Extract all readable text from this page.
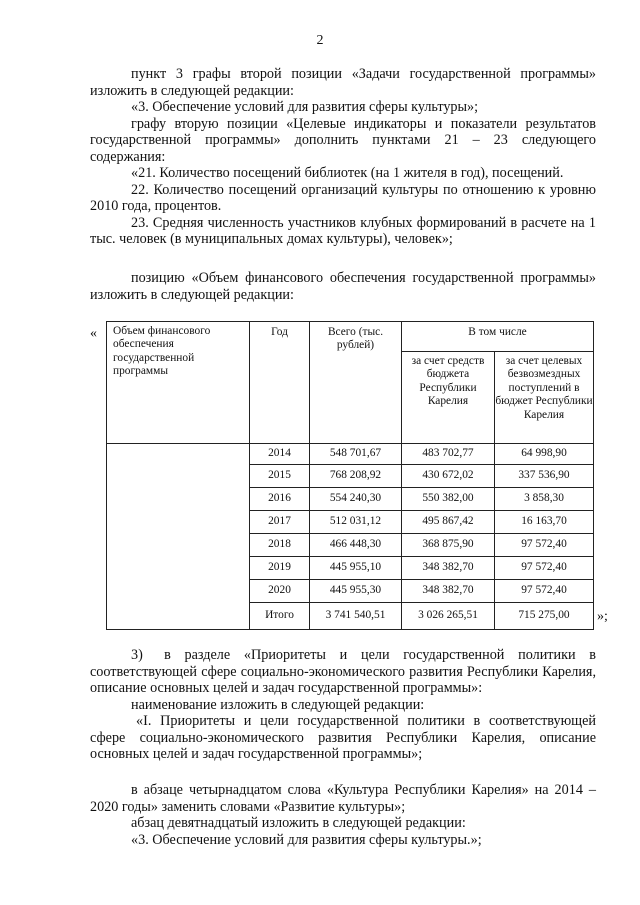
2

пункт 3 графы второй позиции «Задачи государственной программы» изложить в следующей редакции:

«3. Обеспечение условий для развития сферы культуры»;

графу вторую позиции «Целевые индикаторы и показатели результатов государственной программы» дополнить пунктами 21 – 23 следующего содержания:

«21. Количество посещений библиотек (на 1 жителя в год), посещений.

22. Количество посещений организаций культуры по отношению к уровню 2010 года, процентов.

23. Средняя численность участников клубных формирований в расчете на 1 тыс. человек (в муниципальных домах культуры), человек»;

позицию «Объем финансового обеспечения государственной программы» изложить в следующей редакции:

« Объем финансового обеспечения государственной программы	Год	Всего (тыс. рублей)	В том числе	
			за счет средств бюджета Республики Карелия	за счет целевых безвозмездных поступлений в бюджет Республики Карелия
	2014	548 701,67	483 702,77	64 998,90
	2015	768 208,92	430 672,02	337 536,90
	2016	554 240,30	550 382,00	3 858,30
	2017	512 031,12	495 867,42	16 163,70
	2018	466 448,30	368 875,90	97 572,40
	2019	445 955,10	348 382,70	97 572,40
	2020	445 955,30	348 382,70	97 572,40
	Итого	3 741 540,51	3 026 265,51	715 275,00 »;

3)  в разделе «Приоритеты и цели государственной политики в соответствующей сфере социально-экономического развития Республики Карелия, описание основных целей и задач государственной программы»:

наименование изложить в следующей редакции:

«I. Приоритеты и цели государственной политики в соответствующей сфере социально-экономического развития Республики Карелия, описание основных целей и задач государственной программы»;

в абзаце четырнадцатом слова «Культура Республики Карелия» на 2014 – 2020 годы» заменить словами «Развитие культуры»;

абзац девятнадцатый изложить в следующей редакции:

«3. Обеспечение условий для развития сферы культуры.»;
